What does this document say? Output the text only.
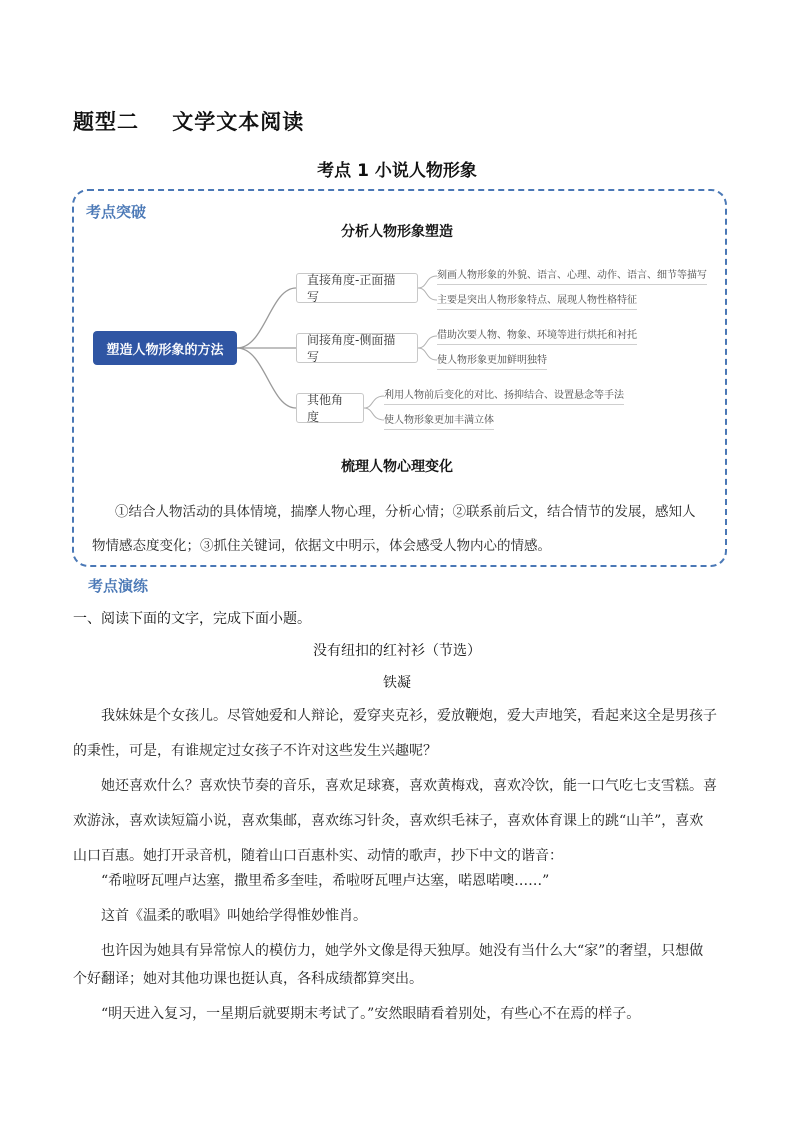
题型二    文学文本阅读
考点 1 小说人物形象
考点突破
分析人物形象塑造
塑造人物形象的方法
直接角度-正面描写
间接角度-侧面描写
其他角度
刻画人物形象的外貌、语言、心理、动作、语言、细节等描写
主要是突出人物形象特点、展现人物性格特征
借助次要人物、物象、环境等进行烘托和衬托
使人物形象更加鲜明独特
利用人物前后变化的对比、扬抑结合、设置悬念等手法
使人物形象更加丰满立体
梳理人物心理变化
①结合人物活动的具体情境，揣摩人物心理，分析心情；②联系前后文，结合情节的发展，感知人
物情感态度变化；③抓住关键词，依据文中明示，体会感受人物内心的情感。
考点演练
一、阅读下面的文字，完成下面小题。
没有纽扣的红衬衫（节选）
铁凝
我妹妹是个女孩儿。尽管她爱和人辩论，爱穿夹克衫，爱放鞭炮，爱大声地笑，看起来这全是男孩子
的秉性，可是，有谁规定过女孩子不许对这些发生兴趣呢？
她还喜欢什么？喜欢快节奏的音乐，喜欢足球赛，喜欢黄梅戏，喜欢冷饮，能一口气吃七支雪糕。喜
欢游泳，喜欢读短篇小说，喜欢集邮，喜欢练习针灸，喜欢织毛袜子，喜欢体育课上的跳“山羊”，喜欢
山口百惠。她打开录音机，随着山口百惠朴实、动情的歌声，抄下中文的谐音：
“希啦呀瓦哩卢达塞，撒里希多奎哇，希啦呀瓦哩卢达塞，喏恩喏噢……”
这首《温柔的歌唱》叫她给学得惟妙惟肖。
也许因为她具有异常惊人的模仿力，她学外文像是得天独厚。她没有当什么大“家”的奢望，只想做
个好翻译；她对其他功课也挺认真，各科成绩都算突出。
“明天进入复习，一星期后就要期末考试了。”安然眼睛看着别处，有些心不在焉的样子。
